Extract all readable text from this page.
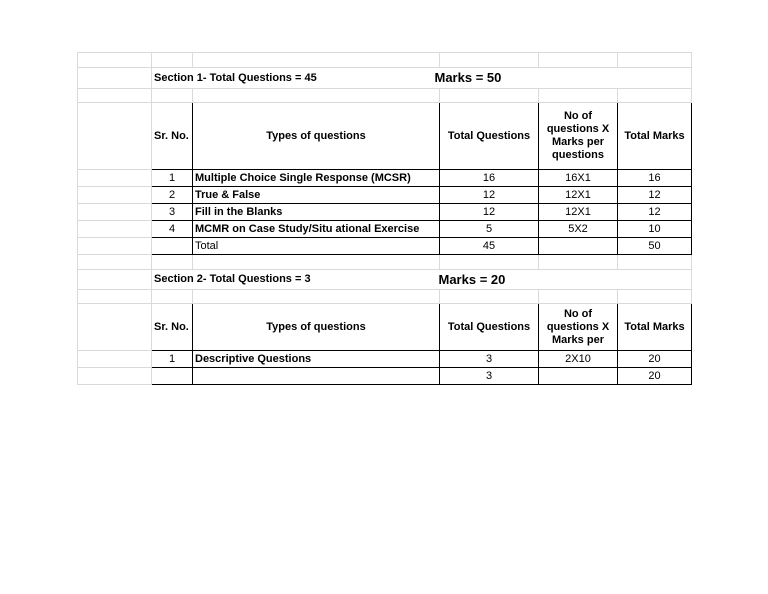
	Section 1- Total Questions = 45			Marks = 50	

	Sr. No.	Types of questions	Total Questions	No of questions X Marks per questions	Total Marks
	1	Multiple Choice Single Response (MCSR)	16	16X1	16
	2	True & False	12	12X1	12
	3	Fill in the Blanks	12	12X1	12
	4	MCMR on Case Study/Situ ational Exercise	5	5X2	10
		Total	45		50

	Section 2- Total Questions = 3			Marks = 20	

	Sr. No.	Types of questions	Total Questions	No of questions X Marks per	Total Marks
	1	Descriptive Questions	3	2X10	20
			3		20
